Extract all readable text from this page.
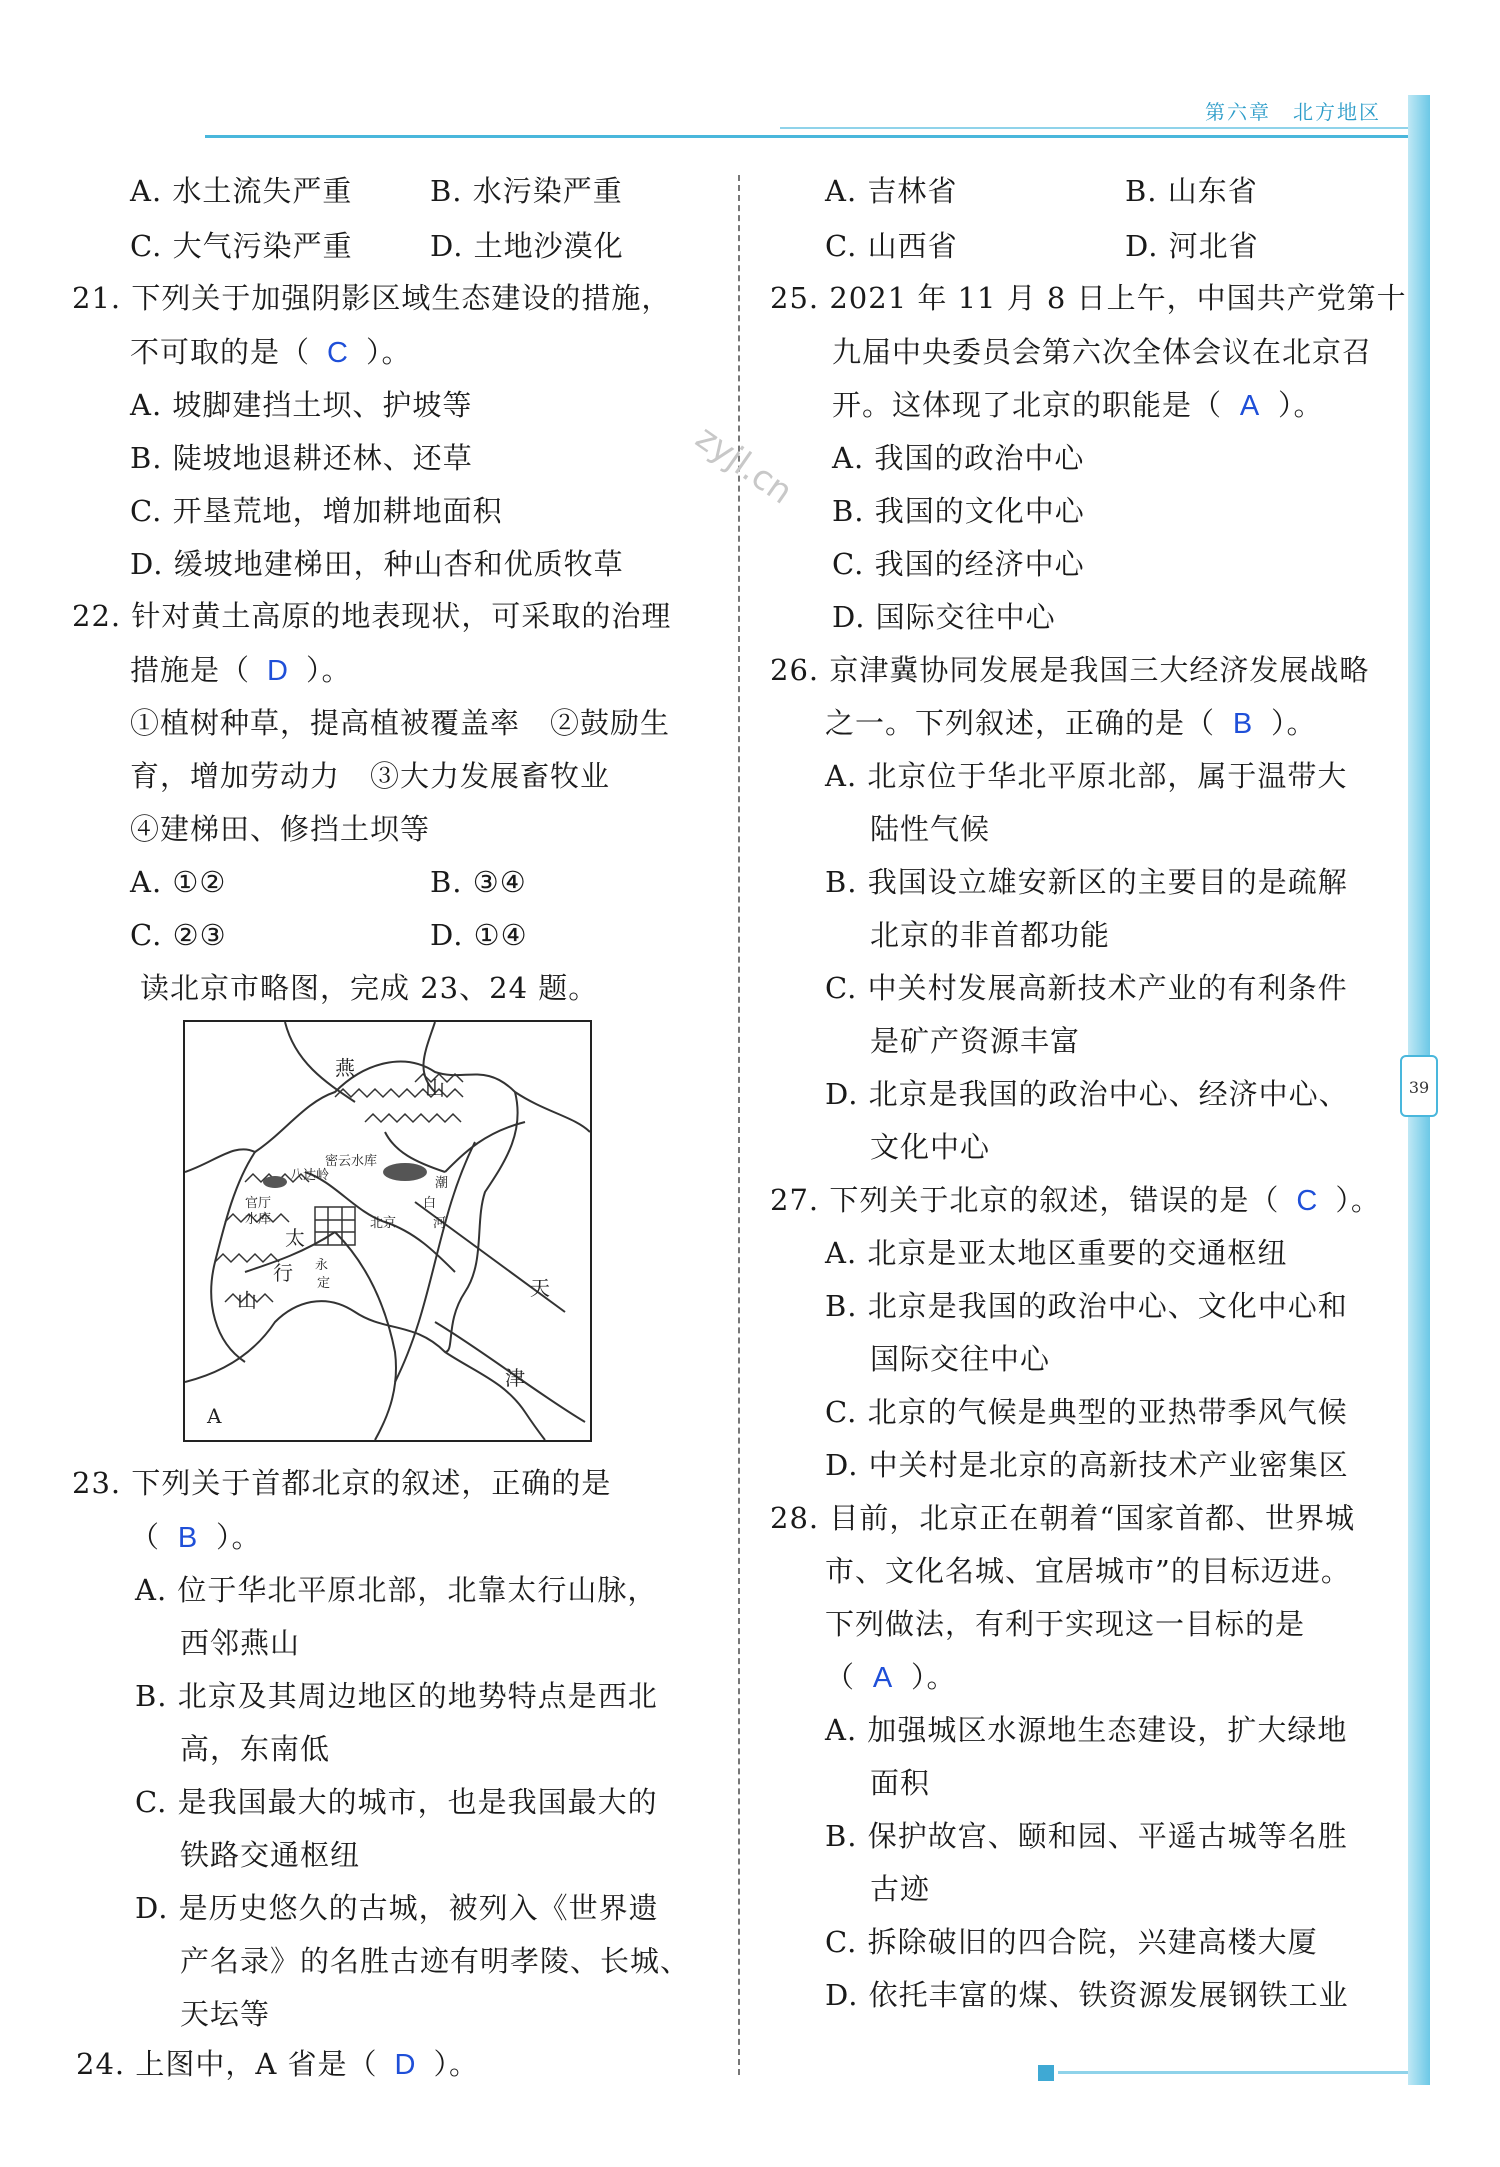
第六章　北方地区
39
zyjl.cn
A. 水土流失严重	B. 水污染严重
C. 大气污染严重	D. 土地沙漠化
21. 下列关于加强阴影区域生态建设的措施，
不可取的是（ C ）。
A. 坡脚建挡土坝、护坡等
B. 陡坡地退耕还林、还草
C. 开垦荒地，增加耕地面积
D. 缓坡地建梯田，种山杏和优质牧草
22. 针对黄土高原的地表现状，可采取的治理
措施是（ D ）。
①植树种草，提高植被覆盖率　②鼓励生
育，增加劳动力　③大力发展畜牧业
④建梯田、修挡土坝等
A. ①②	B. ③④
C. ②③	D. ①④
读北京市略图，完成 23、24 题。
燕
山
密云水库
八达岭
官厅
水库
太
行
山
北京
潮
白
河
永
定	天
津
A
23. 下列关于首都北京的叙述，正确的是
（ B ）。
A. 位于华北平原北部，北靠太行山脉，
西邻燕山
B. 北京及其周边地区的地势特点是西北
高，东南低
C. 是我国最大的城市，也是我国最大的
铁路交通枢纽
D. 是历史悠久的古城，被列入《世界遗
产名录》的名胜古迹有明孝陵、长城、
天坛等
24. 上图中，A 省是（ D ）。
A. 吉林省	B. 山东省
C. 山西省	D. 河北省
25. 2021 年 11 月 8 日上午，中国共产党第十
九届中央委员会第六次全体会议在北京召
开。这体现了北京的职能是（ A ）。
A. 我国的政治中心
B. 我国的文化中心
C. 我国的经济中心
D. 国际交往中心
26. 京津冀协同发展是我国三大经济发展战略
之一。下列叙述，正确的是（ B ）。
A. 北京位于华北平原北部，属于温带大
陆性气候
B. 我国设立雄安新区的主要目的是疏解
北京的非首都功能
C. 中关村发展高新技术产业的有利条件
是矿产资源丰富
D. 北京是我国的政治中心、经济中心、
文化中心
27. 下列关于北京的叙述，错误的是（ C ）。
A. 北京是亚太地区重要的交通枢纽
B. 北京是我国的政治中心、文化中心和
国际交往中心
C. 北京的气候是典型的亚热带季风气候
D. 中关村是北京的高新技术产业密集区
28. 目前，北京正在朝着“国家首都、世界城
市、文化名城、宜居城市”的目标迈进。
下列做法，有利于实现这一目标的是
（ A ）。
A. 加强城区水源地生态建设，扩大绿地
面积
B. 保护故宫、颐和园、平遥古城等名胜
古迹
C. 拆除破旧的四合院，兴建高楼大厦
D. 依托丰富的煤、铁资源发展钢铁工业
